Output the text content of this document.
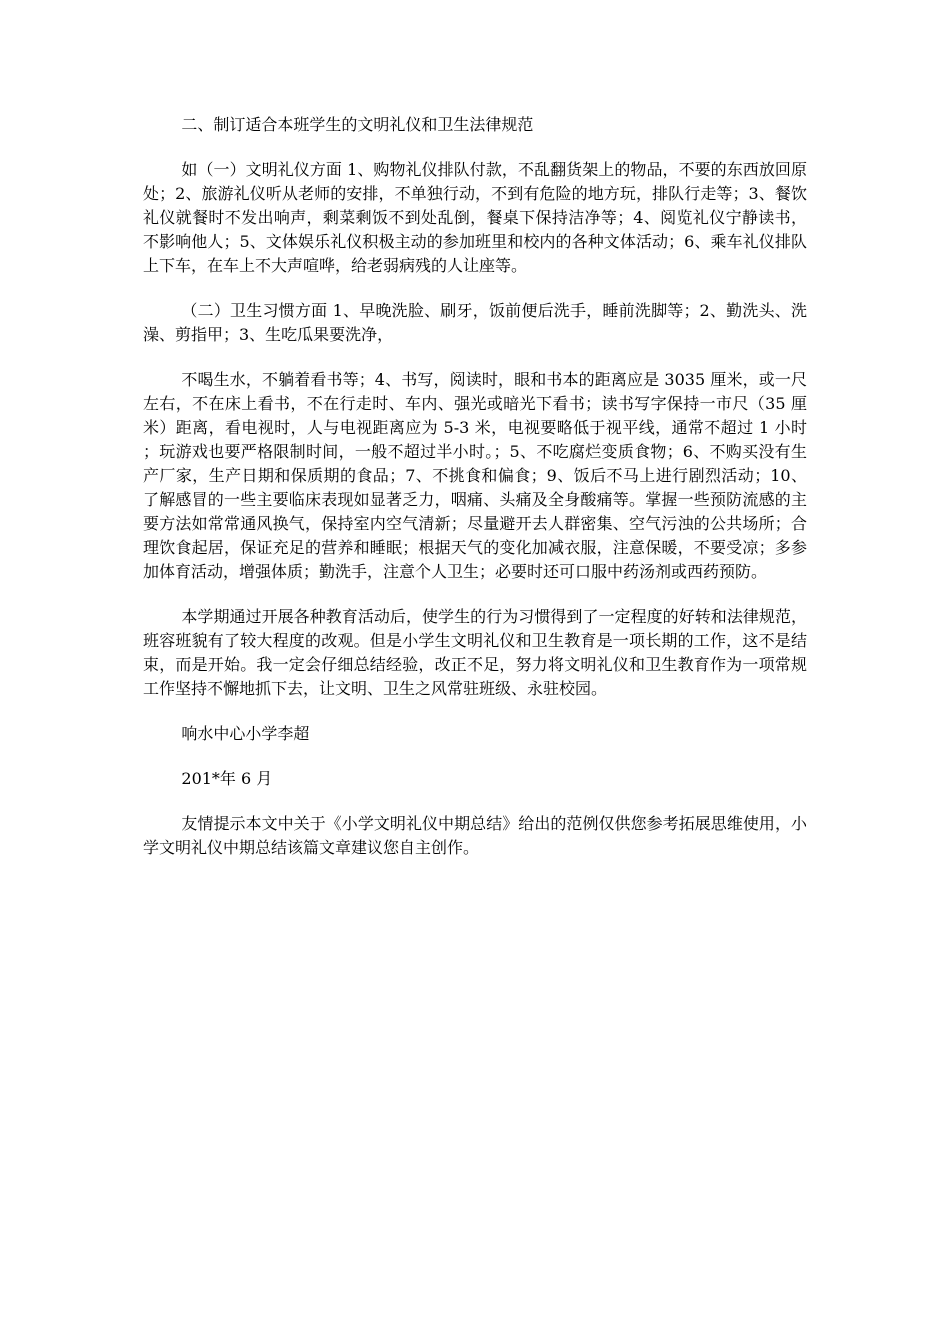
二、制订适合本班学生的文明礼仪和卫生法律规范

如（一）文明礼仪方面 1、购物礼仪排队付款，不乱翻货架上的物品，不要的东西放回原处；2、旅游礼仪听从老师的安排，不单独行动，不到有危险的地方玩，排队行走等；3、餐饮礼仪就餐时不发出响声，剩菜剩饭不到处乱倒，餐桌下保持洁净等；4、阅览礼仪宁静读书，不影响他人；5、文体娱乐礼仪积极主动的参加班里和校内的各种文体活动；6、乘车礼仪排队上下车，在车上不大声喧哗，给老弱病残的人让座等。

（二）卫生习惯方面 1、早晚洗脸、刷牙，饭前便后洗手，睡前洗脚等；2、勤洗头、洗澡、剪指甲；3、生吃瓜果要洗净，

不喝生水，不躺着看书等；4、书写，阅读时，眼和书本的距离应是 3035 厘米，或一尺左右，不在床上看书，不在行走时、车内、强光或暗光下看书；读书写字保持一市尺（35 厘米）距离，看电视时，人与电视距离应为 5-3 米，电视要略低于视平线，通常不超过 1 小时；玩游戏也要严格限制时间，一般不超过半小时。；5、不吃腐烂变质食物；6、不购买没有生产厂家，生产日期和保质期的食品；7、不挑食和偏食；9、饭后不马上进行剧烈活动；10、了解感冒的一些主要临床表现如显著乏力，咽痛、头痛及全身酸痛等。掌握一些预防流感的主要方法如常常通风换气，保持室内空气清新；尽量避开去人群密集、空气污浊的公共场所；合理饮食起居，保证充足的营养和睡眠；根据天气的变化加减衣服，注意保暖，不要受凉；多参加体育活动，增强体质；勤洗手，注意个人卫生；必要时还可口服中药汤剂或西药预防。

本学期通过开展各种教育活动后，使学生的行为习惯得到了一定程度的好转和法律规范，班容班貌有了较大程度的改观。但是小学生文明礼仪和卫生教育是一项长期的工作，这不是结束，而是开始。我一定会仔细总结经验，改正不足，努力将文明礼仪和卫生教育作为一项常规工作坚持不懈地抓下去，让文明、卫生之风常驻班级、永驻校园。

响水中心小学李超

201*年 6 月

友情提示本文中关于《小学文明礼仪中期总结》给出的范例仅供您参考拓展思维使用，小学文明礼仪中期总结该篇文章建议您自主创作。
